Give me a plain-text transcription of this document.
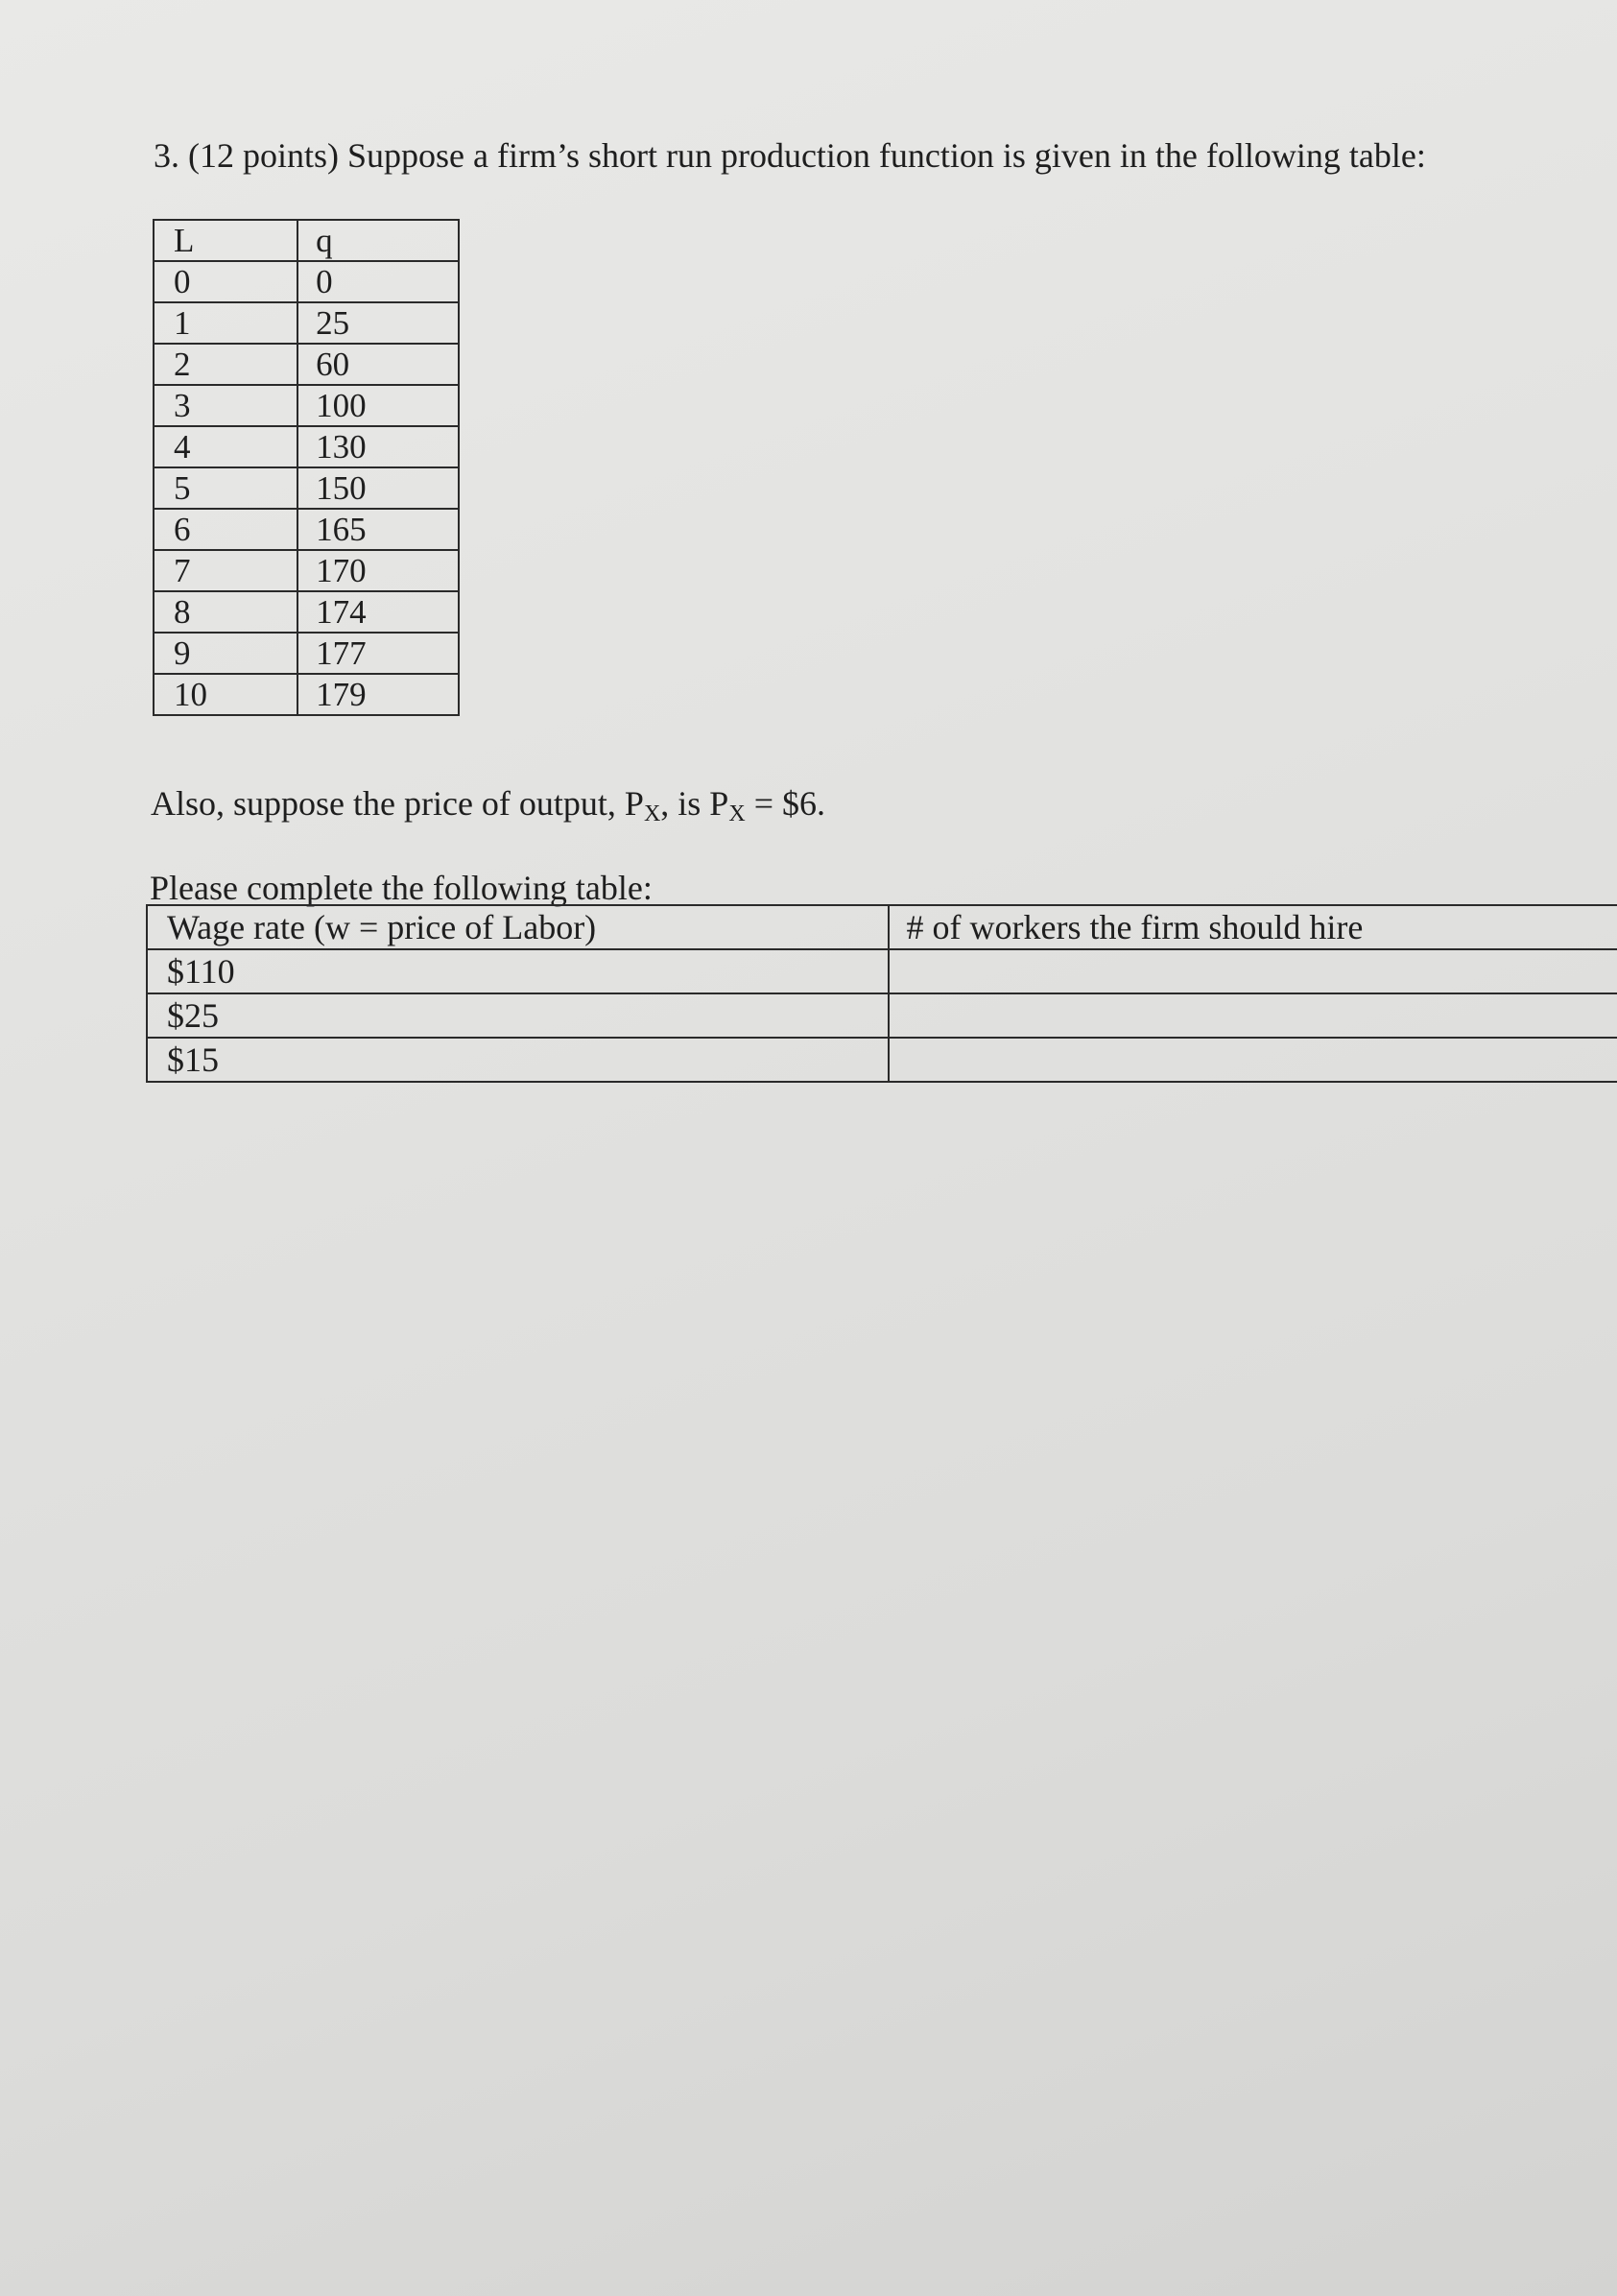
3. (12 points) Suppose a firm’s short run production function is given in the following table:
L	q
0	0
1	25
2	60
3	100
4	130
5	150
6	165
7	170
8	174
9	177
10	179
Also, suppose the price of output, $P_X$, is $P_X$ = $6.
Please complete the following table:
Wage rate (w = price of Labor)	# of workers the firm should hire
$110	
$25	
$15	
